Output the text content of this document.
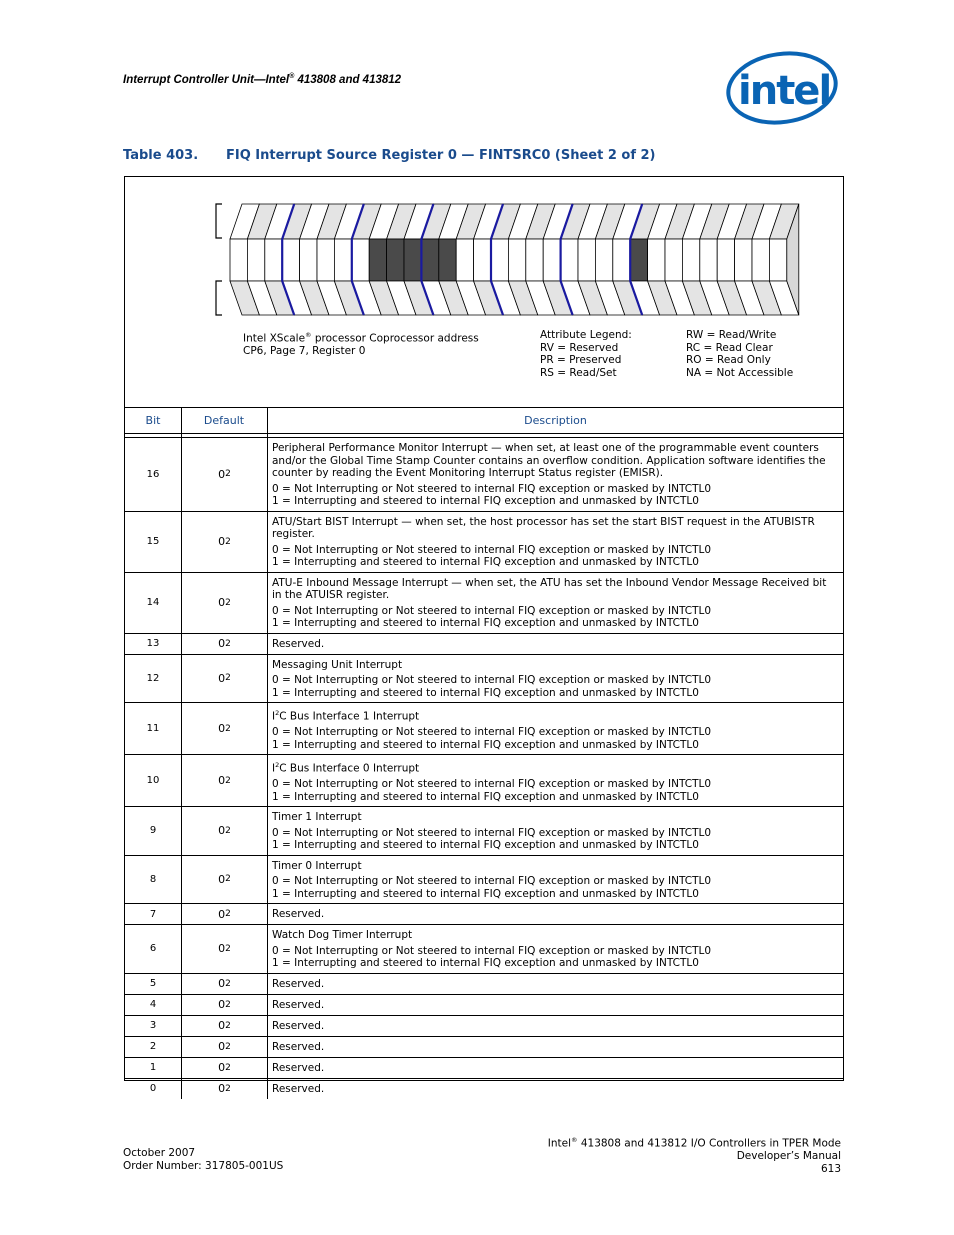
Interrupt Controller Unit—Intel® 413808 and 413812	intel
Table 403. FIQ Interrupt Source Register 0 — FINTSRC0 (Sheet 2 of 2)
Intel XScale® processor Coprocessor address
CP6, Page 7, Register 0
Attribute Legend:
RV = Reserved
PR = Preserved
RS = Read/Set
RW = Read/Write
RC = Read Clear
RO = Read Only
NA = Not Accessible
Bit	Default	Description
16	0 2
Peripheral Performance Monitor Interrupt — when set, at least one of the programmable event counters and/or the Global Time Stamp Counter contains an overflow condition. Application software identifies the counter by reading the Event Monitoring Interrupt Status register (EMISR).
0 = Not Interrupting or Not steered to internal FIQ exception or masked by INTCTL0
1 = Interrupting and steered to internal FIQ exception and unmasked by INTCTL0
15	0 2
ATU/Start BIST Interrupt — when set, the host processor has set the start BIST request in the ATUBISTR register.
0 = Not Interrupting or Not steered to internal FIQ exception or masked by INTCTL0
1 = Interrupting and steered to internal FIQ exception and unmasked by INTCTL0
14	0 2
ATU-E Inbound Message Interrupt — when set, the ATU has set the Inbound Vendor Message Received bit in the ATUISR register.
0 = Not Interrupting or Not steered to internal FIQ exception or masked by INTCTL0
1 = Interrupting and steered to internal FIQ exception and unmasked by INTCTL0
13	0 2	Reserved.
12	0 2
Messaging Unit Interrupt
0 = Not Interrupting or Not steered to internal FIQ exception or masked by INTCTL0
1 = Interrupting and steered to internal FIQ exception and unmasked by INTCTL0
11	0 2
$I^2C$ Bus Interface 1 Interrupt
0 = Not Interrupting or Not steered to internal FIQ exception or masked by INTCTL0
1 = Interrupting and steered to internal FIQ exception and unmasked by INTCTL0
10	0 2
$I^2C$ Bus Interface 0 Interrupt
0 = Not Interrupting or Not steered to internal FIQ exception or masked by INTCTL0
1 = Interrupting and steered to internal FIQ exception and unmasked by INTCTL0
9	0 2
Timer 1 Interrupt
0 = Not Interrupting or Not steered to internal FIQ exception or masked by INTCTL0
1 = Interrupting and steered to internal FIQ exception and unmasked by INTCTL0
8	0 2
Timer 0 Interrupt
0 = Not Interrupting or Not steered to internal FIQ exception or masked by INTCTL0
1 = Interrupting and steered to internal FIQ exception and unmasked by INTCTL0
7	0 2	Reserved.
6	0 2
Watch Dog Timer Interrupt
0 = Not Interrupting or Not steered to internal FIQ exception or masked by INTCTL0
1 = Interrupting and steered to internal FIQ exception and unmasked by INTCTL0
5	0 2	Reserved.
4	0 2	Reserved.
3	0 2	Reserved.
2	0 2	Reserved.
1	0 2	Reserved.
0	0 2	Reserved.
October 2007
Order Number: 317805-001US
Intel® 413808 and 413812 I/O Controllers in TPER Mode
Developer’s Manual
613
